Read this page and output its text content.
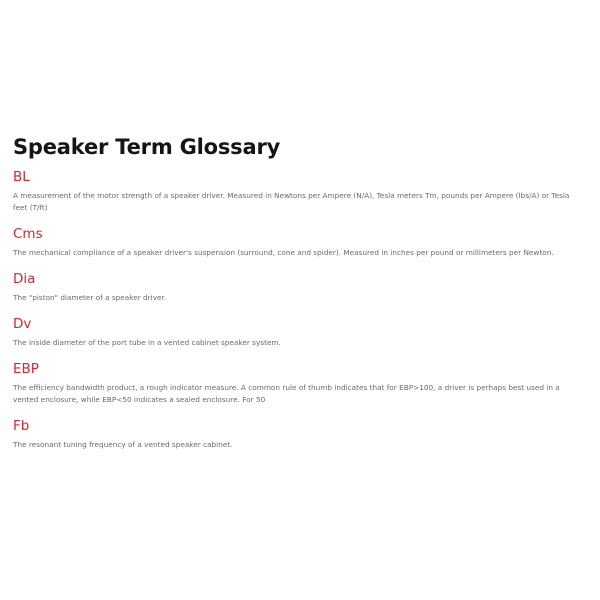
Speaker Term Glossary
BL

A measurement of the motor strength of a speaker driver. Measured in Newtons per Ampere (N/A), Tesla meters Tm, pounds per Ampere (lbs/A) or Tesla feet (T/ft)

Cms

The mechanical compliance of a speaker driver's suspension (surround, cone and spider). Measured in inches per pound or millimeters per Newton.

Dia

The "piston" diameter of a speaker driver.

Dv

The inside diameter of the port tube in a vented cabinet speaker system.

EBP

The efficiency bandwidth product, a rough indicator measure. A common rule of thumb indicates that for EBP>100, a driver is perhaps best used in a vented enclosure, while EBP<50 indicates a sealed enclosure. For 50

Fb

The resonant tuning frequency of a vented speaker cabinet.
